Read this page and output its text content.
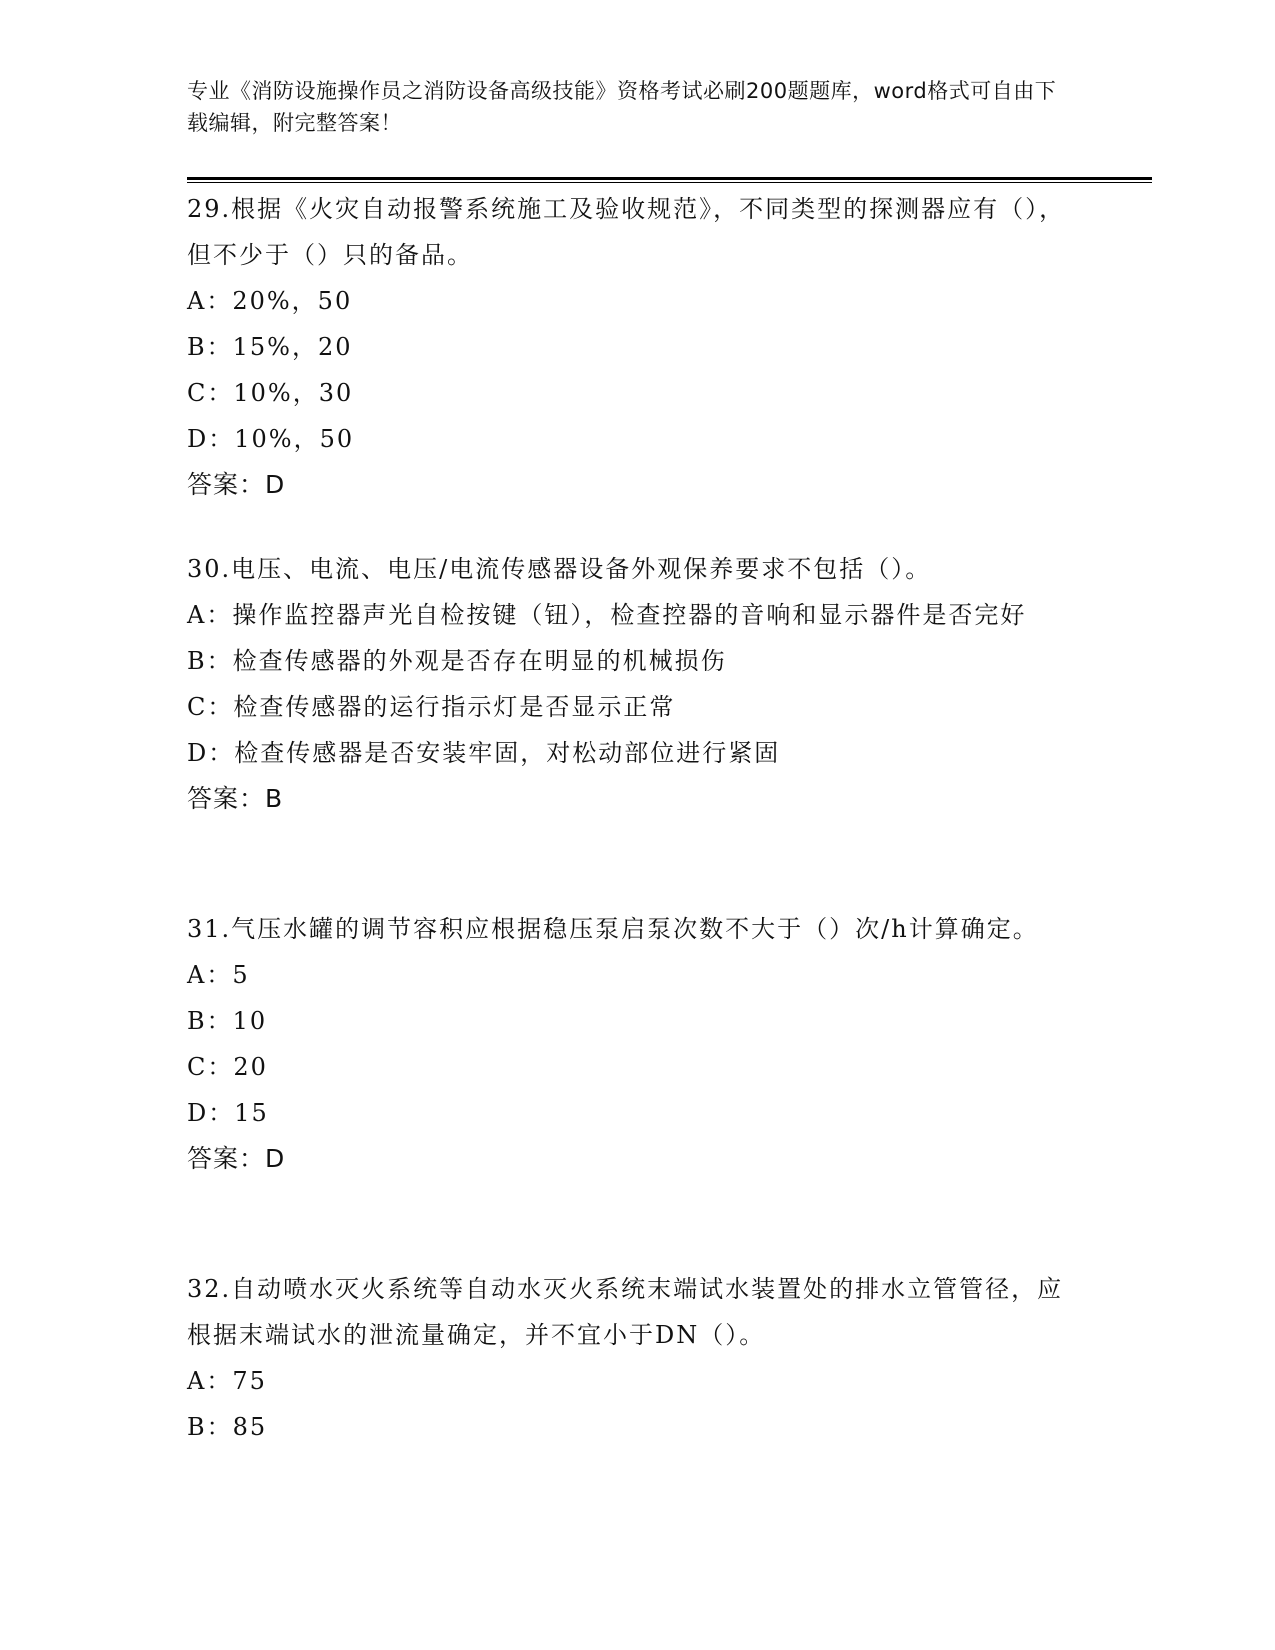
专业《消防设施操作员之消防设备高级技能》资格考试必刷200题题库，word格式可自由下载编辑，附完整答案！
29.根据《火灾自动报警系统施工及验收规范》，不同类型的探测器应有（），但不少于（）只的备品。
A：20%，50
B：15%，20
C：10%，30
D：10%，50
答案：D
30.电压、电流、电压/电流传感器设备外观保养要求不包括（）。
A：操作监控器声光自检按键（钮），检查控器的音响和显示器件是否完好
B：检查传感器的外观是否存在明显的机械损伤
C：检查传感器的运行指示灯是否显示正常
D：检查传感器是否安装牢固，对松动部位进行紧固
答案：B
31.气压水罐的调节容积应根据稳压泵启泵次数不大于（）次/h计算确定。
A：5
B：10
C：20
D：15
答案：D
32.自动喷水灭火系统等自动水灭火系统末端试水装置处的排水立管管径，应根据末端试水的泄流量确定，并不宜小于DN（）。
A：75
B：85
